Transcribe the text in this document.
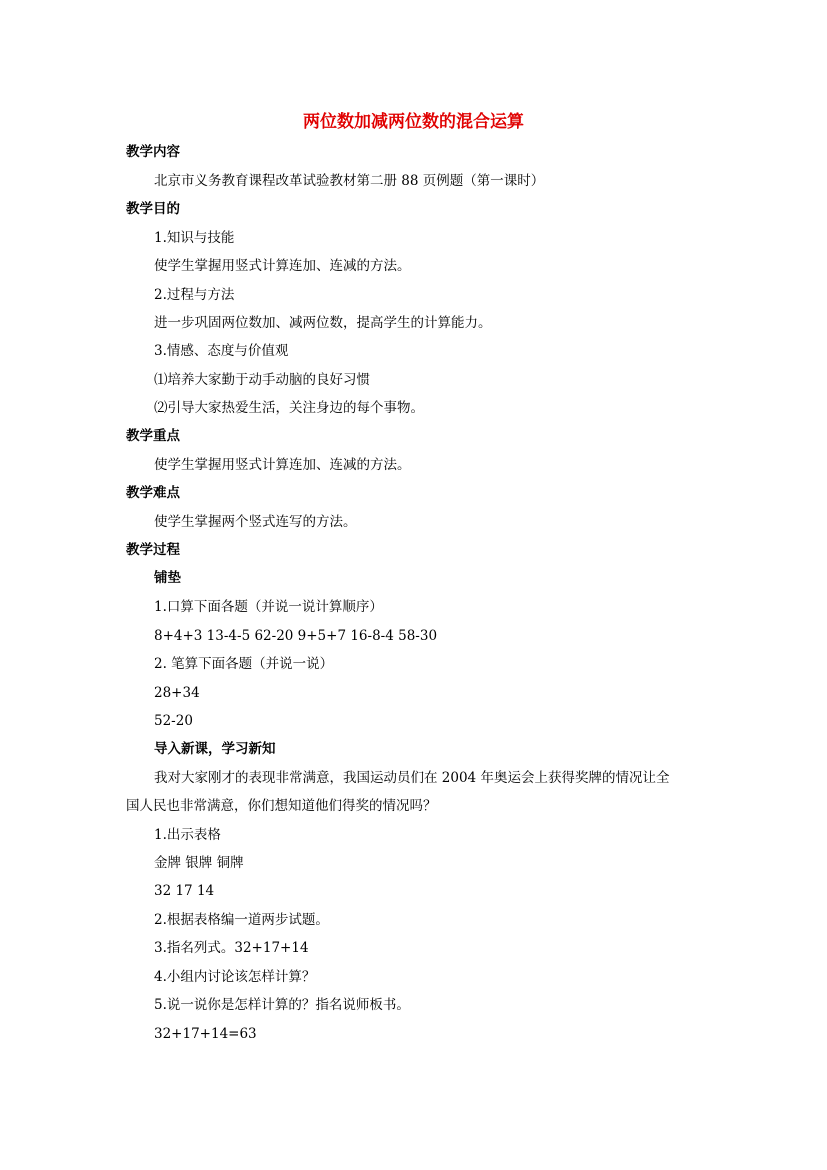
两位数加减两位数的混合运算
教学内容
北京市义务教育课程改革试验教材第二册 88 页例题（第一课时）
教学目的
1.知识与技能
使学生掌握用竖式计算连加、连减的方法。
2.过程与方法
进一步巩固两位数加、减两位数，提高学生的计算能力。
3.情感、态度与价值观
⑴培养大家勤于动手动脑的良好习惯
⑵引导大家热爱生活，关注身边的每个事物。
教学重点
使学生掌握用竖式计算连加、连减的方法。
教学难点
使学生掌握两个竖式连写的方法。
教学过程
铺垫
1.口算下面各题（并说一说计算顺序）
8+4+3 13-4-5 62-20 9+5+7 16-8-4 58-30
2. 笔算下面各题（并说一说）
28+34
52-20
导入新课，学习新知
我对大家刚才的表现非常满意，我国运动员们在 2004 年奥运会上获得奖牌的情况让全
国人民也非常满意，你们想知道他们得奖的情况吗？
1.出示表格
金牌 银牌 铜牌
32 17 14
2.根据表格编一道两步试题。
3.指名列式。32+17+14
4.小组内讨论该怎样计算？
5.说一说你是怎样计算的？指名说师板书。
32+17+14=63
